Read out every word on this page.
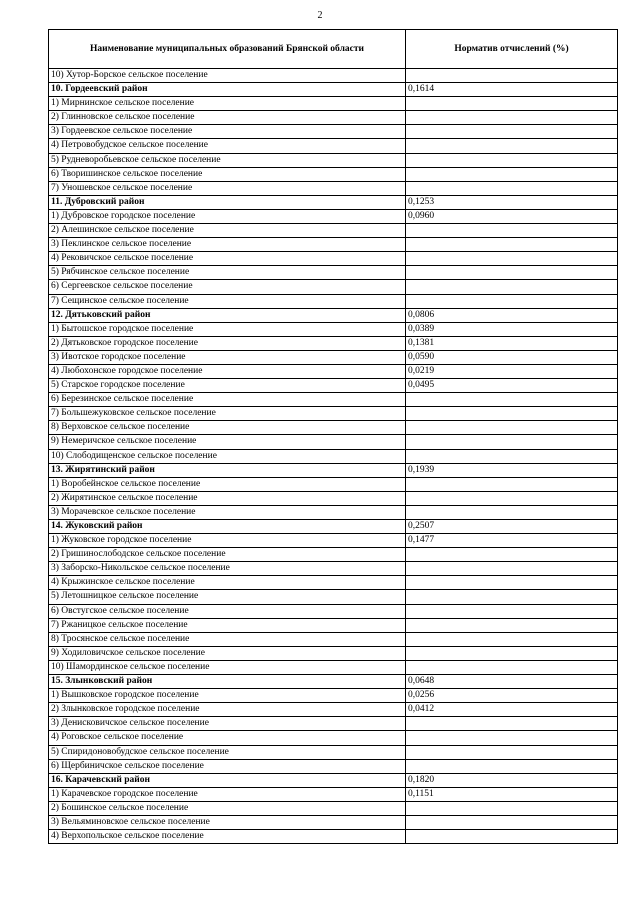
2
Наименование муниципальных образований Брянской области	Норматив отчислений (%)
10) Хутор-Борское сельское поселение	
10. Гордеевский район	0,1614
1) Мирнинское сельское поселение	
2) Глинновское сельское поселение	
3) Гордеевское сельское поселение	
4) Петровобудское сельское поселение	
5) Рудневоробьевское сельское поселение	
6) Творишинское сельское поселение	
7) Уношевское сельское поселение	
11. Дубровский район	0,1253
1) Дубровское городское поселение	0,0960
2) Алешинское сельское поселение	
3) Пеклинское сельское поселение	
4) Рековичское сельское поселение	
5) Рябчинское сельское поселение	
6) Сергеевское сельское поселение	
7) Сещинское сельское поселение	
12. Дятьковский район	0,0806
1) Бытошское городское поселение	0,0389
2) Дятьковское городское поселение	0,1381
3) Ивотское городское поселение	0,0590
4) Любохонское городское поселение	0,0219
5) Старское городское поселение	0,0495
6) Березинское сельское поселение	
7) Большежуковское сельское поселение	
8) Верховское сельское поселение	
9) Немеричское сельское поселение	
10) Слободищенское сельское поселение	
13. Жирятинский район	0,1939
1) Воробейнское сельское поселение	
2) Жирятинское сельское поселение	
3) Морачевское сельское поселение	
14. Жуковский район	0,2507
1) Жуковское городское поселение	0,1477
2) Гришинослободское сельское поселение	
3) Заборско-Никольское сельское поселение	
4) Крыжинское сельское поселение	
5) Летошницкое сельское поселение	
6) Овстугское сельское поселение	
7) Ржаницкое сельское поселение	
8) Тросянское сельское поселение	
9) Ходиловичское сельское поселение	
10) Шамординское сельское поселение	
15. Злынковский район	0,0648
1) Вышковское городское поселение	0,0256
2) Злынковское городское поселение	0,0412
3) Денисковичское сельское поселение	
4) Роговское сельское поселение	
5) Спиридоновобудское сельское поселение	
6) Щербиничское сельское поселение	
16. Карачевский район	0,1820
1) Карачевское городское поселение	0,1151
2) Бошинское сельское поселение	
3) Вельяминовское сельское поселение	
4) Верхопольское сельское поселение	
